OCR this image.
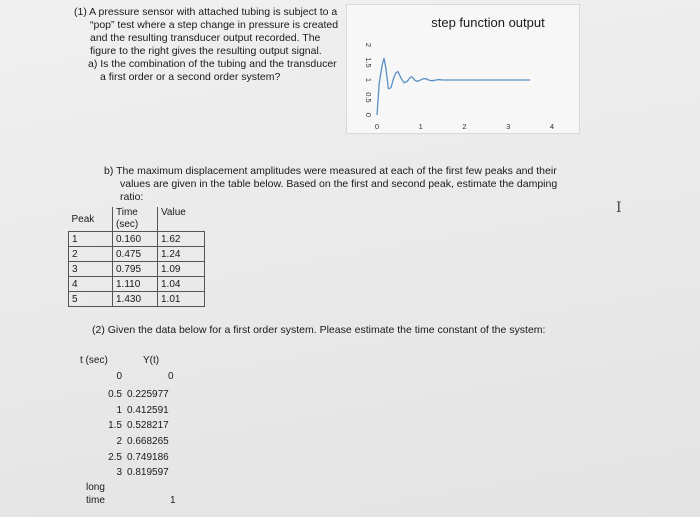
(1) A pressure sensor with attached tubing is subject to a “pop” test where a step change in pressure is created and the resulting transducer output recorded. The figure to the right gives the resulting output signal.
a) Is the combination of the tubing and the transducer a first order or a second order system?
step function output
0
0.5
1
1.5
2
0	1	2	3	4
b) The maximum displacement amplitudes were measured at each of the first few peaks and their values are given in the table below. Based on the first and second peak, estimate the damping ratio:
Peak	Time (sec)	Value
1	0.160	1.62
2	0.475	1.24
3	0.795	1.09
4	1.110	1.04
5	1.430	1.01
(2) Given the data below for a first order system. Please estimate the time constant of the system:
t (sec)	Y(t)
0	0
0.5 0.225977
1 0.412591
1.5 0.528217
2 0.668265
2.5 0.749186
3 0.819597
long
time	1
I
